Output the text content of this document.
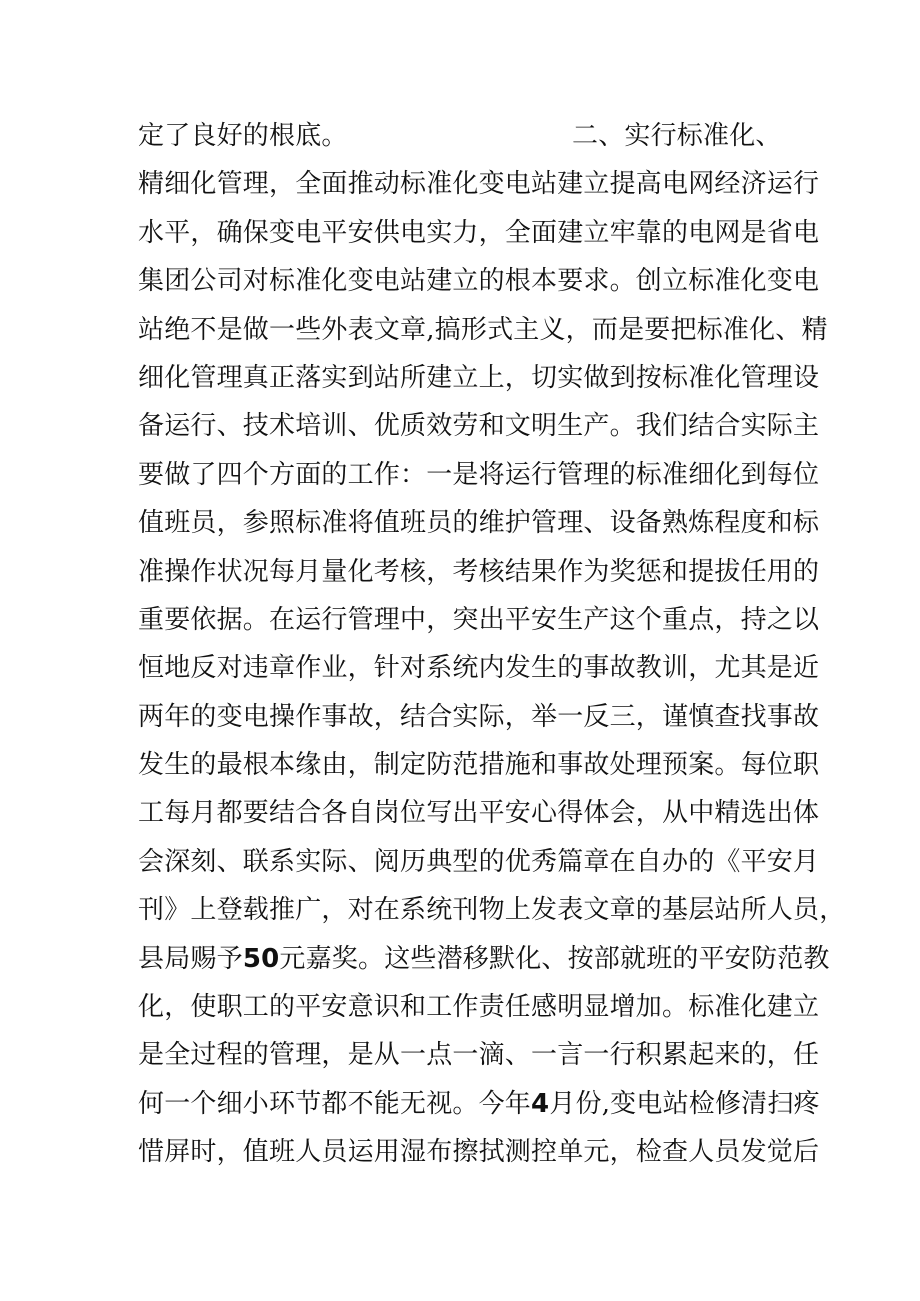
定了良好的根底。	二、实行标准化、
精细化管理，全面推动标准化变电站建立提高电网经济运行
水平，确保变电平安供电实力，全面建立牢靠的电网是省电
集团公司对标准化变电站建立的根本要求。创立标准化变电
站绝不是做一些外表文章,搞形式主义，而是要把标准化、精
细化管理真正落实到站所建立上，切实做到按标准化管理设
备运行、技术培训、优质效劳和文明生产。我们结合实际主
要做了四个方面的工作：一是将运行管理的标准细化到每位
值班员，参照标准将值班员的维护管理、设备熟炼程度和标
准操作状况每月量化考核，考核结果作为奖惩和提拔任用的
重要依据。在运行管理中，突出平安生产这个重点，持之以
恒地反对违章作业，针对系统内发生的事故教训，尤其是近
两年的变电操作事故，结合实际，举一反三，谨慎查找事故
发生的最根本缘由，制定防范措施和事故处理预案。每位职
工每月都要结合各自岗位写出平安心得体会，从中精选出体
会深刻、联系实际、阅历典型的优秀篇章在自办的《平安月
刊》上登载推广，对在系统刊物上发表文章的基层站所人员，
县局赐予50元嘉奖。这些潜移默化、按部就班的平安防范教
化，使职工的平安意识和工作责任感明显增加。标准化建立
是全过程的管理，是从一点一滴、一言一行积累起来的，任
何一个细小环节都不能无视。今年4月份,变电站检修清扫疼
惜屏时，值班人员运用湿布擦拭测控单元，检查人员发觉后
